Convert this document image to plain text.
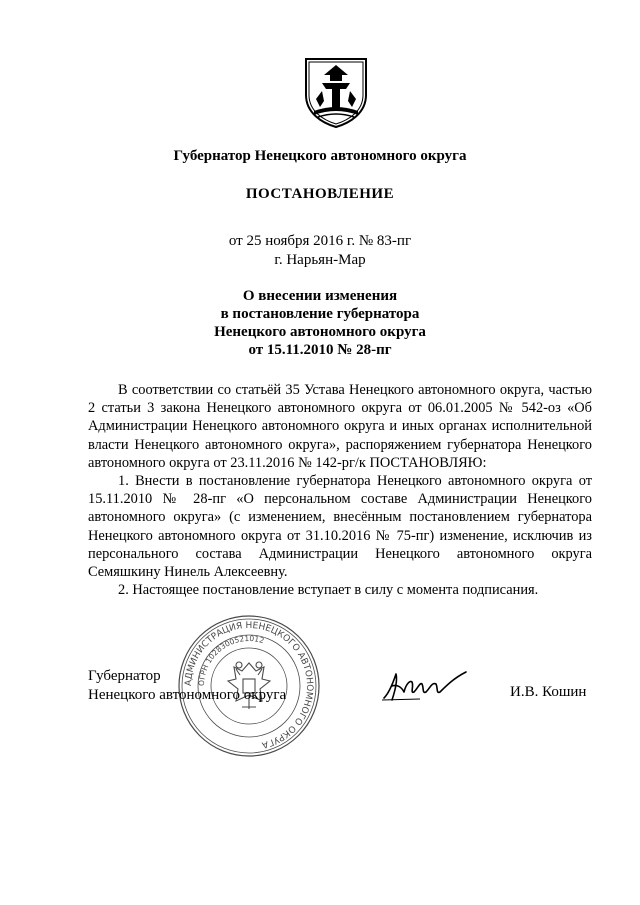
Губернатор Ненецкого автономного округа
ПОСТАНОВЛЕНИЕ
от 25 ноября 2016 г. № 83-пг
г. Нарьян-Мар
О внесении изменения
в постановление губернатора
Ненецкого автономного округа
от 15.11.2010 № 28-пг

В соответствии со статьёй 35 Устава Ненецкого автономного округа, частью 2 статьи 3 закона Ненецкого автономного округа от 06.01.2005 № 542-оз «Об Администрации Ненецкого автономного округа и иных органах исполнительной власти Ненецкого автономного округа», распоряжением губернатора Ненецкого автономного округа от 23.11.2016 № 142-рг/к ПОСТАНОВЛЯЮ:

1. Внести в постановление губернатора Ненецкого автономного округа от 15.11.2010 № 28-пг «О персональном составе Администрации Ненецкого автономного округа» (с изменением, внесённым постановлением губернатора Ненецкого автономного округа от 31.10.2016 № 75-пг) изменение, исключив из персонального состава Администрации Ненецкого автономного округа Семяшкину Нинель Алексеевну.

2. Настоящее постановление вступает в силу с момента подписания.

АДМИНИСТРАЦИЯ НЕНЕЦКОГО АВТОНОМНОГО ОКРУГА
ОГРН 1028300521012
Губернатор
Ненецкого автономного округа	И.В. Кошин
